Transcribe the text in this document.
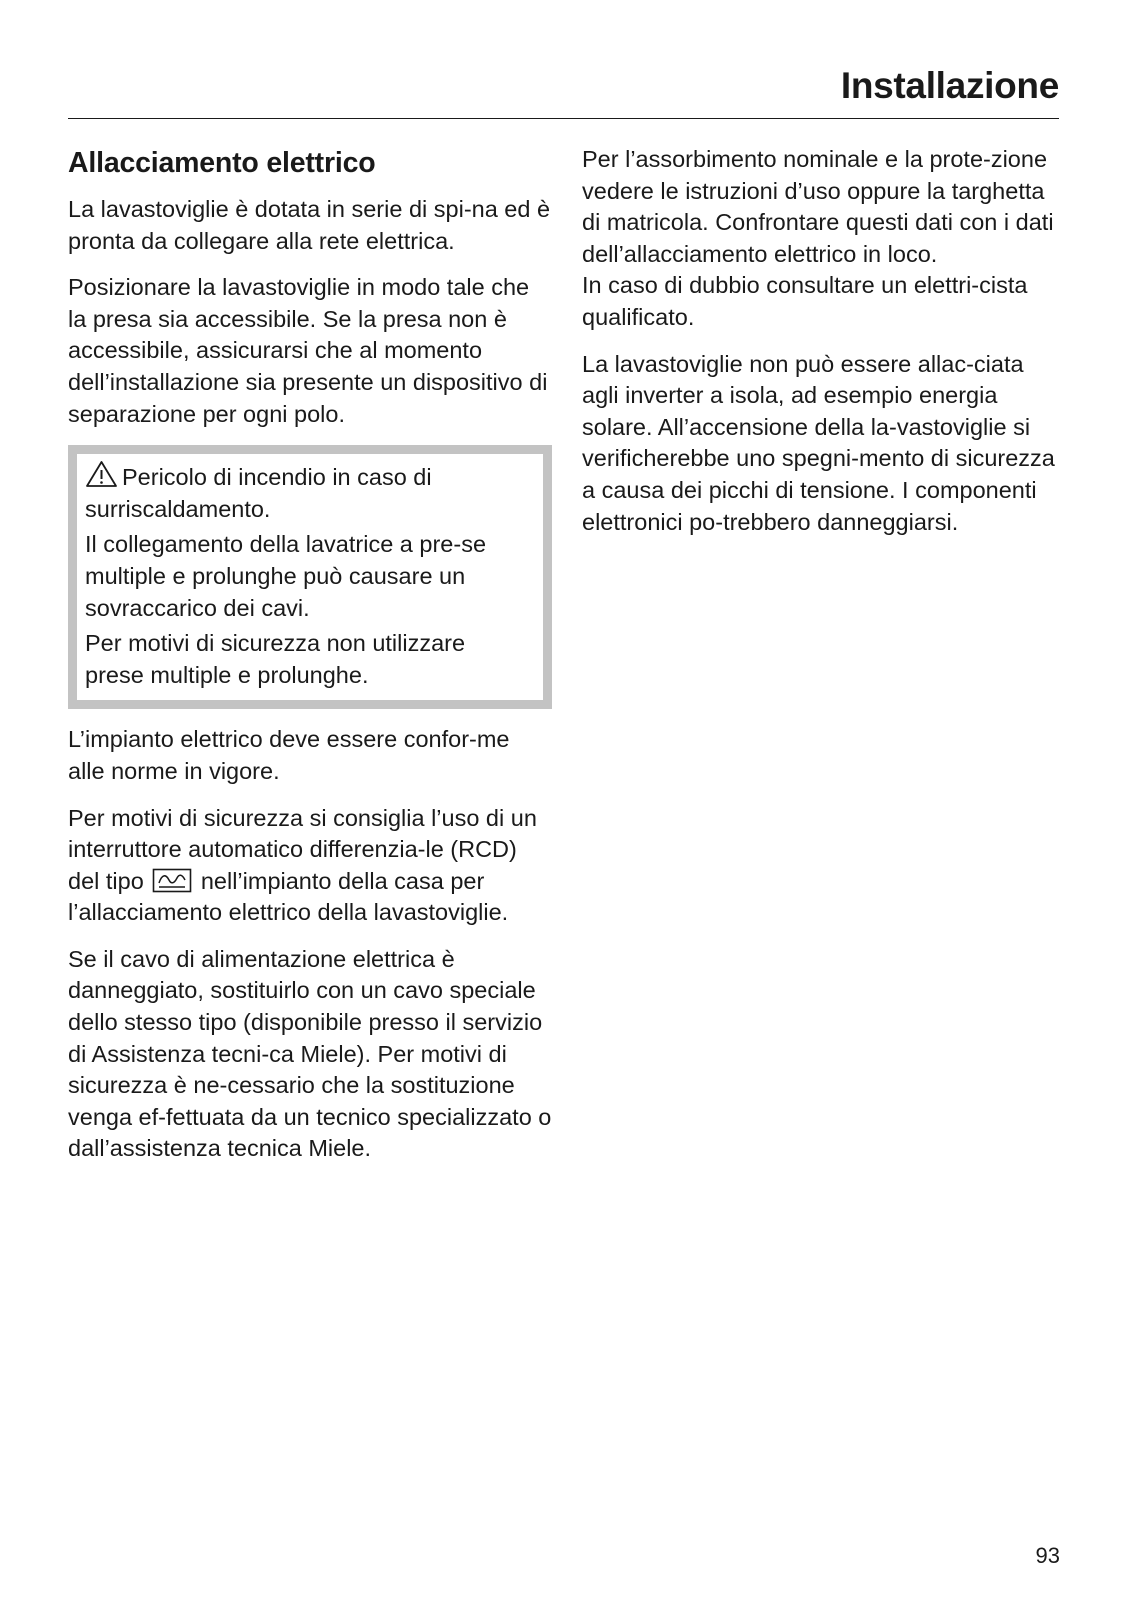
Installazione
Allacciamento elettrico

La lavastoviglie è dotata in serie di spi-na ed è pronta da collegare alla rete elettrica.

Posizionare la lavastoviglie in modo tale che la presa sia accessibile. Se la presa non è accessibile, assicurarsi che al momento dell’installazione sia presente un dispositivo di separazione per ogni polo.

Pericolo di incendio in caso di surriscaldamento.

Il collegamento della lavatrice a pre-se multiple e prolunghe può causare un sovraccarico dei cavi.

Per motivi di sicurezza non utilizzare prese multiple e prolunghe.

L’impianto elettrico deve essere confor-me alle norme in vigore.

Per motivi di sicurezza si consiglia l’uso di un interruttore automatico differenzia-le (RCD) del tipo nell’impianto della casa per l’allacciamento elettrico della lavastoviglie.

Se il cavo di alimentazione elettrica è danneggiato, sostituirlo con un cavo speciale dello stesso tipo (disponibile presso il servizio di Assistenza tecni-ca Miele). Per motivi di sicurezza è ne-cessario che la sostituzione venga ef-fettuata da un tecnico specializzato o dall’assistenza tecnica Miele.

Per l’assorbimento nominale e la prote-zione vedere le istruzioni d’uso oppure la targhetta di matricola. Confrontare questi dati con i dati dell’allacciamento elettrico in loco.

In caso di dubbio consultare un elettri-cista qualificato.

La lavastoviglie non può essere allac-ciata agli inverter a isola, ad esempio energia solare. All’accensione della la-vastoviglie si verificherebbe uno spegni-mento di sicurezza a causa dei picchi di tensione. I componenti elettronici po-trebbero danneggiarsi.

93
